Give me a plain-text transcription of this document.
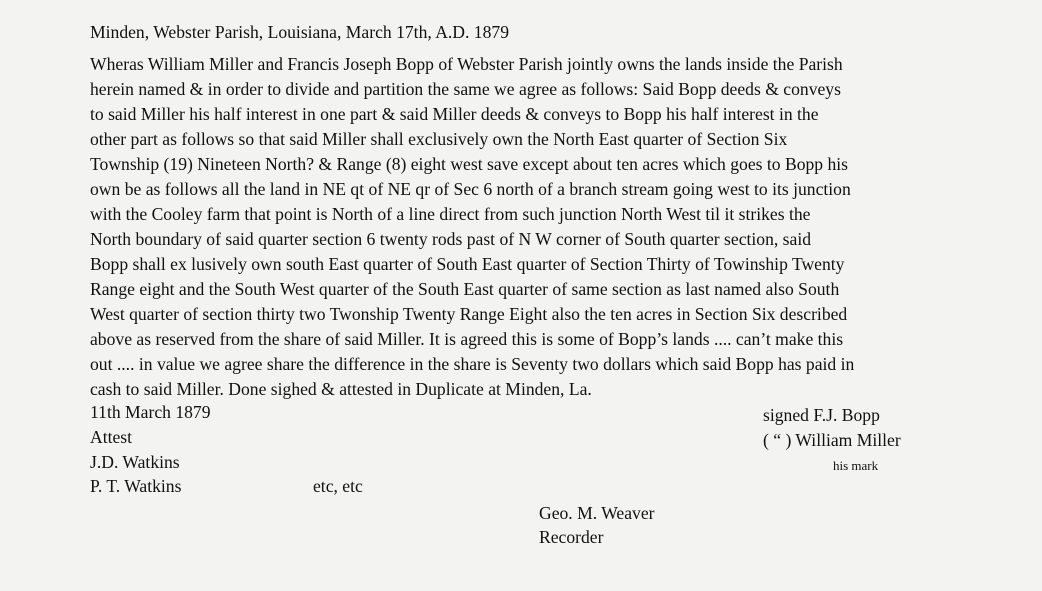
Minden, Webster Parish, Louisiana, March 17th, A.D. 1879
Wheras William Miller and Francis Joseph Bopp of Webster Parish jointly owns the lands inside the Parish
herein named & in order to divide and partition the same we agree as follows: Said Bopp deeds & conveys
to said Miller his half interest in one part & said Miller deeds & conveys to Bopp his half interest in the
other part as follows so that said Miller shall exclusively own the North East quarter of Section Six
Township (19) Nineteen North? & Range (8) eight west save except about ten acres which goes to Bopp his
own be as follows all the land in NE qt of NE qr of Sec 6 north of a branch stream going west to its junction
with the Cooley farm that point is North of a line direct from such junction North West til it strikes the
North boundary of said quarter section 6 twenty rods past of N W corner of South quarter section, said
Bopp shall ex lusively own south East quarter of South East quarter of Section Thirty of Towinship Twenty
Range eight and the South West quarter of the South East quarter of same section as last named also South
West quarter of section thirty two Twonship Twenty Range Eight also the ten acres in Section Six described
above as reserved from the share of said Miller. It is agreed this is some of Bopp’s lands .... can’t make this
out .... in value we agree share the difference in the share is Seventy two dollars which said Bopp has paid in
cash to said Miller. Done sighed & attested in Duplicate at Minden, La.
11th March 1879
Attest
J.D. Watkins
P. T. Watkins	etc, etc
signed F.J. Bopp
( “ ) William Miller
his mark
Geo. M. Weaver
Recorder
